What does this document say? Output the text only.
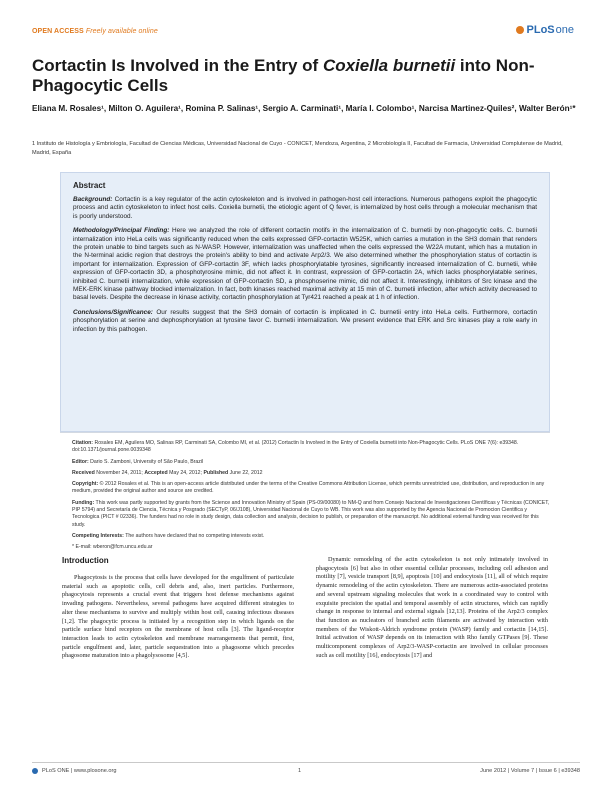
OPEN ACCESS Freely available online	PLoS one
Cortactin Is Involved in the Entry of Coxiella burnetii into Non-Phagocytic Cells
Eliana M. Rosales¹, Milton O. Aguilera¹, Romina P. Salinas¹, Sergio A. Carminati¹, María I. Colombo¹, Narcisa Martinez-Quiles², Walter Berón¹*
1 Instituto de Histología y Embriología, Facultad de Ciencias Médicas, Universidad Nacional de Cuyo - CONICET, Mendoza, Argentina, 2 Microbiología II, Facultad de Farmacia, Universidad Complutense de Madrid, Madrid, España
Abstract

Background: Cortactin is a key regulator of the actin cytoskeleton and is involved in pathogen-host cell interactions. Numerous pathogens exploit the phagocytic process and actin cytoskeleton to infect host cells. Coxiella burnetii, the etiologic agent of Q fever, is internalized by host cells through a molecular mechanism that is poorly understood.

Methodology/Principal Finding: Here we analyzed the role of different cortactin motifs in the internalization of C. burnetii by non-phagocytic cells. C. burnetii internalization into HeLa cells was significantly reduced when the cells expressed GFP-cortactin W525K, which carries a mutation in the SH3 domain that renders the protein unable to bind targets such as N-WASP. However, internalization was unaffected when the cells expressed the W22A mutant, which has a mutation in the N-terminal acidic region that destroys the protein's ability to bind and activate Arp2/3. We also determined whether the phosphorylation status of cortactin is important for internalization. Expression of GFP-cortactin 3F, which lacks phosphorylatable tyrosines, significantly increased internalization of C. burnetii, while expression of GFP-cortactin 3D, a phosphotyrosine mimic, did not affect it. In contrast, expression of GFP-cortactin 2A, which lacks phosphorylatable serines, inhibited C. burnetii internalization, while expression of GFP-cortactin SD, a phosphoserine mimic, did not affect it. Interestingly, inhibitors of Src kinase and the MEK-ERK kinase pathway blocked internalization. In fact, both kinases reached maximal activity at 15 min of C. burnetii infection, after which activity decreased to basal levels. Despite the decrease in kinase activity, cortactin phosphorylation at Tyr421 reached a peak at 1 h of infection.

Conclusions/Significance: Our results suggest that the SH3 domain of cortactin is implicated in C. burnetii entry into HeLa cells. Furthermore, cortactin phosphorylation at serine and dephosphorylation at tyrosine favor C. burnetii internalization. We present evidence that ERK and Src kinases play a role early in infection by this pathogen.

Citation: Rosales EM, Aguilera MO, Salinas RP, Carminati SA, Colombo MI, et al. (2012) Cortactin Is Involved in the Entry of Coxiella burnetii into Non-Phagocytic Cells. PLoS ONE 7(6): e39348. doi:10.1371/journal.pone.0039348

Editor: Dario S. Zamboni, University of São Paulo, Brazil

Received November 24, 2011; Accepted May 24, 2012; Published June 22, 2012

Copyright: © 2012 Rosales et al. This is an open-access article distributed under the terms of the Creative Commons Attribution License, which permits unrestricted use, distribution, and reproduction in any medium, provided the original author and source are credited.

Funding: This work was partly supported by grants from the Science and Innovation Ministry of Spain (PS-09/00080) to NM-Q and from Consejo Nacional de Investigaciones Científicas y Técnicas (CONICET, PIP 5794) and Secretaría de Ciencia, Técnica y Posgrado (SECTyP, 06/J108), Universidad Nacional de Cuyo to WB. This work was also supported by the Agencia Nacional de Promocion Cientifica y Tecnologica (PICT # 02336). The funders had no role in study design, data collection and analysis, decision to publish, or preparation of the manuscript. No additional external funding was received for this study.

Competing Interests: The authors have declared that no competing interests exist.

* E-mail: wberon@fcm.uncu.edu.ar

Introduction

Phagocytosis is the process that cells have developed for the engulfment of particulate material such as apoptotic cells, cell debris and, also, inert particles. Furthermore, phagocytosis represents a crucial event that triggers host defense mechanisms against invading pathogens. Nevertheless, several pathogens have acquired different strategies to alter these mechanisms to survive and multiply within host cell, causing infectious diseases [1,2]. The phagocytic process is initiated by a recognition step in which ligands on the particle surface bind receptors on the membrane of host cells [3]. The ligand-receptor interaction leads to actin cytoskeleton and membrane rearrangements that permit, first, particle engulfment and, later, particle sequestration into a phagosome which precedes phagosome maturation into a phagolysosome [4,5].

Dynamic remodeling of the actin cytoskeleton is not only intimately involved in phagocytosis [6] but also in other essential cellular processes, including cell adhesion and motility [7], vesicle transport [8,9], apoptosis [10] and endocytosis [11], all of which require dynamic remodeling of the actin cytoskeleton. There are numerous actin-associated proteins and several upstream signaling molecules that work in a coordinated way to control with exquisite precision the spatial and temporal assembly of actin structures, which can rapidly change in response to internal and external signals [12,13]. Proteins of the Arp2/3 complex that function as nucleators of branched actin filaments are activated by interaction with members of the Wiskott-Aldrich syndrome protein (WASP) family and cortactin [14,15]. Initial activation of WASP depends on its interaction with Rho family GTPases [9]. These multicomponent complexes of Arp2/3-WASP-cortactin are involved in cellular processes such as cell motility [16], endocytosis [17] and

PLoS ONE | www.plosone.org	1	June 2012 | Volume 7 | Issue 6 | e39348
